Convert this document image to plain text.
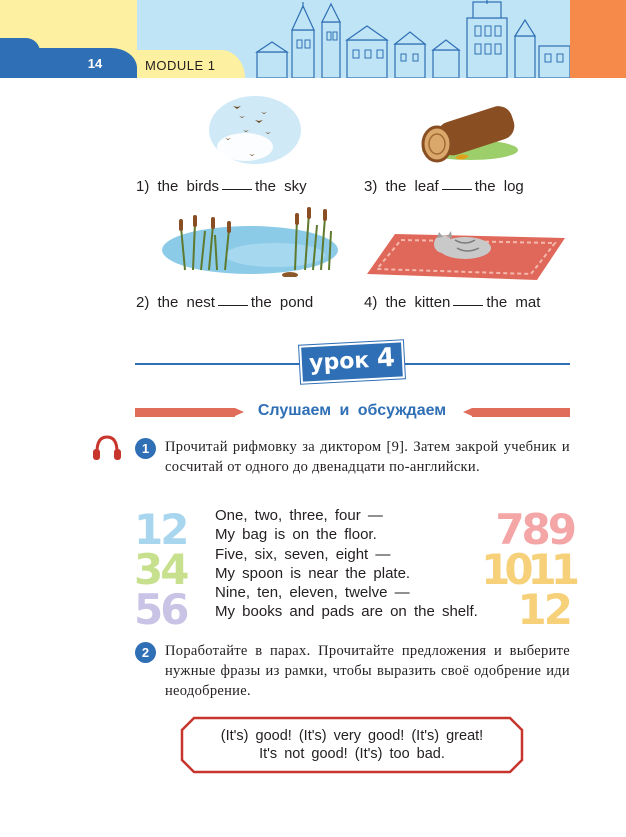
14	MODULE 1
1) the birds the sky	3) the leaf the log
2) the nest the pond	4) the kitten the mat
урок 4
Слушаем и обсуждаем
1	Прочитай рифмовку за диктором [9]. Затем закрой учебник и сосчитай от одного до двенадцати по-английски.
12
34
56
789
1011
12
One, two, three, four —
My bag is on the floor.
Five, six, seven, eight —
My spoon is near the plate.
Nine, ten, eleven, twelve —
My books and pads are on the shelf.
2	Поработайте в парах. Прочитайте предложения и выберите нужные фразы из рамки, чтобы выразить своё одобрение иди неодобрение.
(It's) good! (It's) very good! (It's) great!
It's not good! (It's) too bad.
